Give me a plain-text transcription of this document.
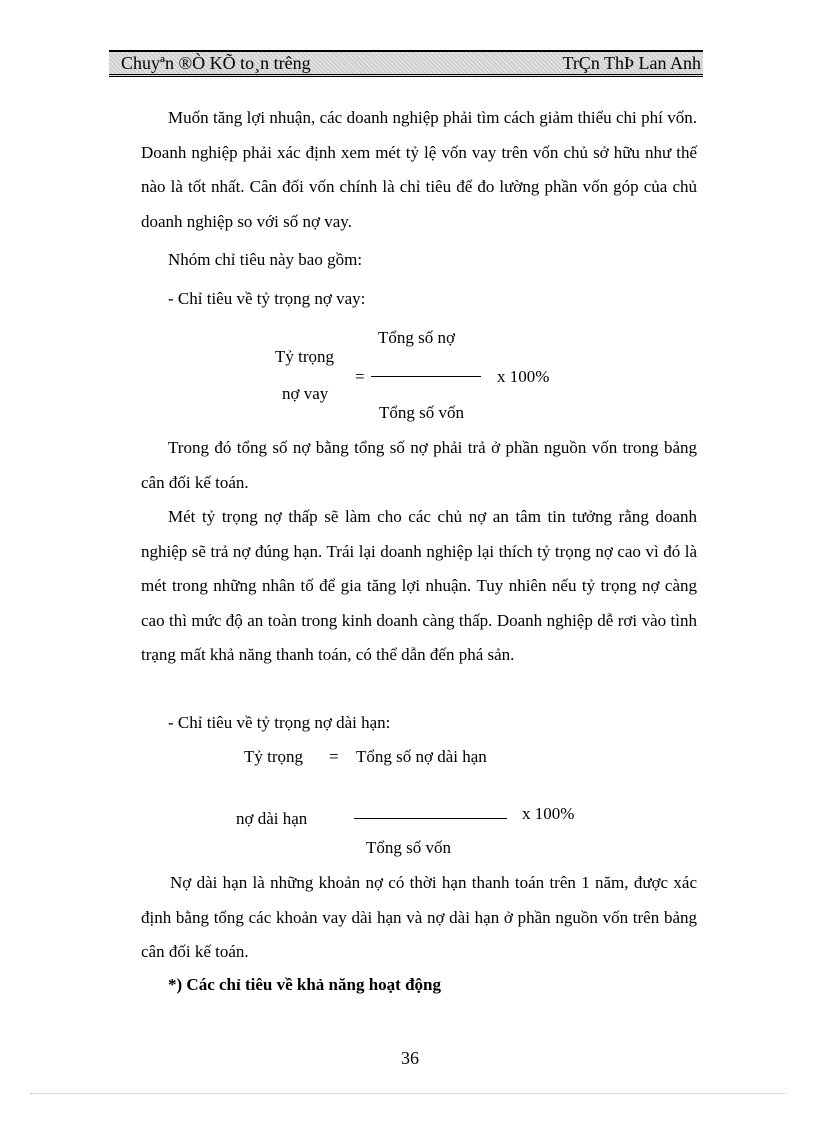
Chuyªn ®Ò KÕ to¸n trêng	TrÇn ThÞ Lan Anh

Muốn tăng lợi nhuận, các doanh nghiệp phải tìm cách giảm thiểu chi phí vốn. Doanh nghiệp phải xác định xem mét tỷ lệ vốn vay trên vốn chủ sở hữu như thế nào là tốt nhất. Cân đối vốn chính là chỉ tiêu để đo lường phần vốn góp của chủ doanh nghiệp so với số nợ vay.

Nhóm chỉ tiêu này bao gồm:
- Chỉ tiêu về tỷ trọng nợ vay:
Tổng số nợ
Tỷ trọng
=	x 100%
nợ vay
Tổng số vốn

Trong đó tổng số nợ bằng tổng số nợ phải trả ở phần nguồn vốn trong bảng cân đối kế toán.

Mét tỷ trọng nợ thấp sẽ làm cho các chủ nợ an tâm tin tưởng rằng doanh nghiệp sẽ trả nợ đúng hạn. Trái lại doanh nghiệp lại thích tỷ trọng nợ cao vì đó là mét trong những nhân tố để gia tăng lợi nhuận. Tuy nhiên nếu tỷ trọng nợ càng cao thì mức độ an toàn trong kinh doanh càng thấp. Doanh nghiệp dễ rơi vào tình trạng mất khả năng thanh toán, có thể dẫn đến phá sản.

- Chỉ tiêu về tỷ trọng nợ dài hạn:
Tỷ trọng = Tổng số nợ dài hạn
nợ dài hạn	x 100%
Tổng số vốn

Nợ dài hạn là những khoản nợ có thời hạn thanh toán trên 1 năm, được xác định bằng tổng các khoản vay dài hạn và nợ dài hạn ở phần nguồn vốn trên bảng cân đối kế toán.

*) Các chỉ tiêu về khả năng hoạt động
36
